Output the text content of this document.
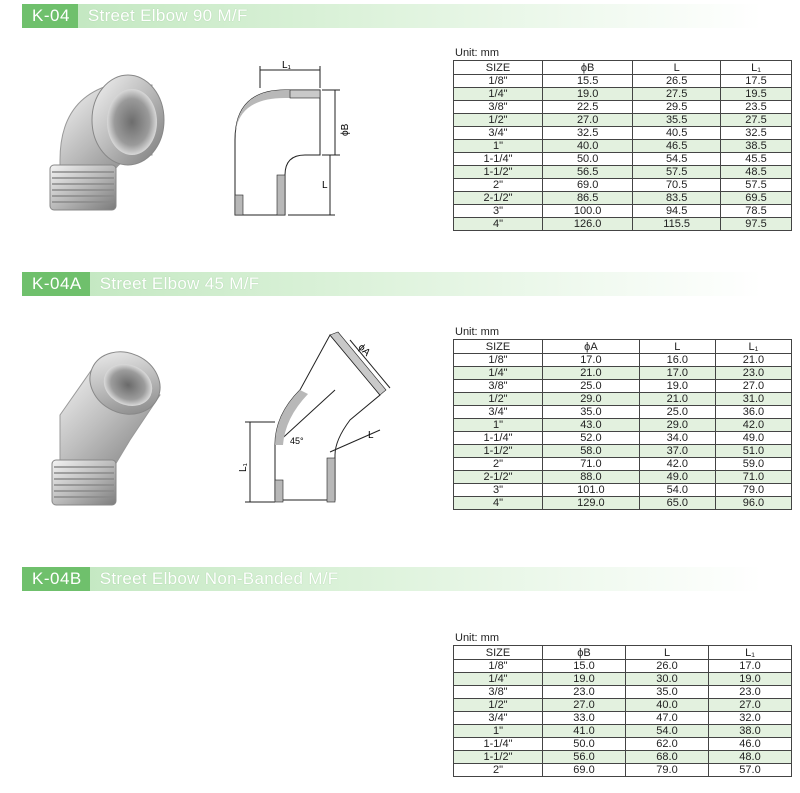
K-04	Street Elbow 90 M/F
L₁
ϕB
L
Unit: mm
SIZE	ϕB	L	L₁
1/8"	15.5	26.5	17.5
1/4"	19.0	27.5	19.5
3/8"	22.5	29.5	23.5
1/2"	27.0	35.5	27.5
3/4"	32.5	40.5	32.5
1"	40.0	46.5	38.5
1-1/4"	50.0	54.5	45.5
1-1/2"	56.5	57.5	48.5
2"	69.0	70.5	57.5
2-1/2"	86.5	83.5	69.5
3"	100.0	94.5	78.5
4"	126.0	115.5	97.5
K-04A	Street Elbow 45 M/F
ϕA
L
L₁
45°
Unit: mm
SIZE	ϕA	L	L₁
1/8"	17.0	16.0	21.0
1/4"	21.0	17.0	23.0
3/8"	25.0	19.0	27.0
1/2"	29.0	21.0	31.0
3/4"	35.0	25.0	36.0
1"	43.0	29.0	42.0
1-1/4"	52.0	34.0	49.0
1-1/2"	58.0	37.0	51.0
2"	71.0	42.0	59.0
2-1/2"	88.0	49.0	71.0
3"	101.0	54.0	79.0
4"	129.0	65.0	96.0
K-04B	Street Elbow Non-Banded M/F
Unit: mm
SIZE	ϕB	L	L₁
1/8"	15.0	26.0	17.0
1/4"	19.0	30.0	19.0
3/8"	23.0	35.0	23.0
1/2"	27.0	40.0	27.0
3/4"	33.0	47.0	32.0
1"	41.0	54.0	38.0
1-1/4"	50.0	62.0	46.0
1-1/2"	56.0	68.0	48.0
2"	69.0	79.0	57.0
